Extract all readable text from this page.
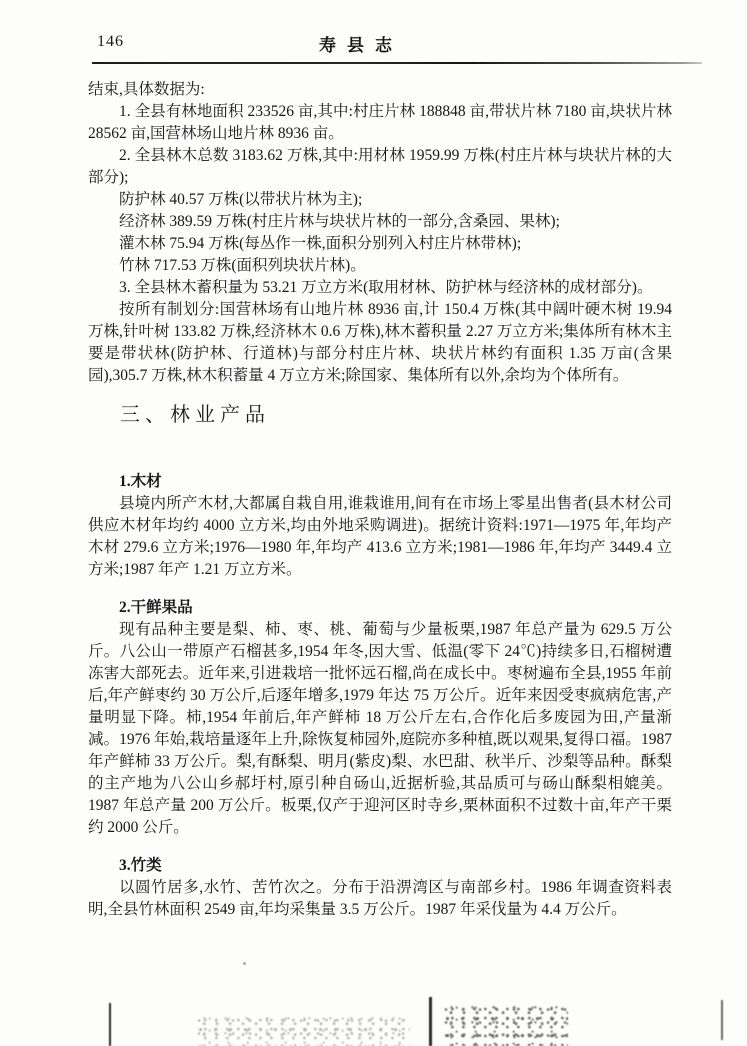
146	寿县志

结束,具体数据为:

1. 全县有林地面积 233526 亩,其中:村庄片林 188848 亩,带状片林 7180 亩,块状片林 28562 亩,国营林场山地片林 8936 亩。

2. 全县林木总数 3183.62 万株,其中:用材林 1959.99 万株(村庄片林与块状片林的大部分);

防护林 40.57 万株(以带状片林为主);

经济林 389.59 万株(村庄片林与块状片林的一部分,含桑园、果林);

灌木林 75.94 万株(每丛作一株,面积分别列入村庄片林带林);

竹林 717.53 万株(面积列块状片林)。

3. 全县林木蓄积量为 53.21 万立方米(取用材林、防护林与经济林的成材部分)。

按所有制划分:国营林场有山地片林 8936 亩,计 150.4 万株(其中阔叶硬木树 19.94 万株,针叶树 133.82 万株,经济林木 0.6 万株),林木蓄积量 2.27 万立方米;集体所有林木主要是带状林(防护林、行道林)与部分村庄片林、块状片林约有面积 1.35 万亩(含果园),305.7 万株,林木积蓄量 4 万立方米;除国家、集体所有以外,余均为个体所有。

三、林业产品
1.木材

县境内所产木材,大都属自栽自用,谁栽谁用,间有在市场上零星出售者(县木材公司供应木材年均约 4000 立方米,均由外地采购调进)。据统计资料:1971—1975 年,年均产木材 279.6 立方米;1976—1980 年,年均产 413.6 立方米;1981—1986 年,年均产 3449.4 立方米;1987 年产 1.21 万立方米。

2.干鲜果品

现有品种主要是梨、柿、枣、桃、葡萄与少量板栗,1987 年总产量为 629.5 万公斤。八公山一带原产石榴甚多,1954 年冬,因大雪、低温(零下 24℃)持续多日,石榴树遭冻害大部死去。近年来,引进栽培一批怀远石榴,尚在成长中。枣树遍布全县,1955 年前后,年产鲜枣约 30 万公斤,后逐年增多,1979 年达 75 万公斤。近年来因受枣疯病危害,产量明显下降。柿,1954 年前后,年产鲜柿 18 万公斤左右,合作化后多废园为田,产量渐减。1976 年始,栽培量逐年上升,除恢复柿园外,庭院亦多种植,既以观果,复得口福。1987 年产鲜柿 33 万公斤。梨,有酥梨、明月(紫皮)梨、水巴甜、秋半斤、沙梨等品种。酥梨的主产地为八公山乡郝圩村,原引种自砀山,近据析验,其品质可与砀山酥梨相媲美。1987 年总产量 200 万公斤。板栗,仅产于迎河区时寺乡,栗林面积不过数十亩,年产干栗约 2000 公斤。

3.竹类

以圆竹居多,水竹、苦竹次之。分布于沿淠湾区与南部乡村。1986 年调查资料表明,全县竹林面积 2549 亩,年均采集量 3.5 万公斤。1987 年采伐量为 4.4 万公斤。
